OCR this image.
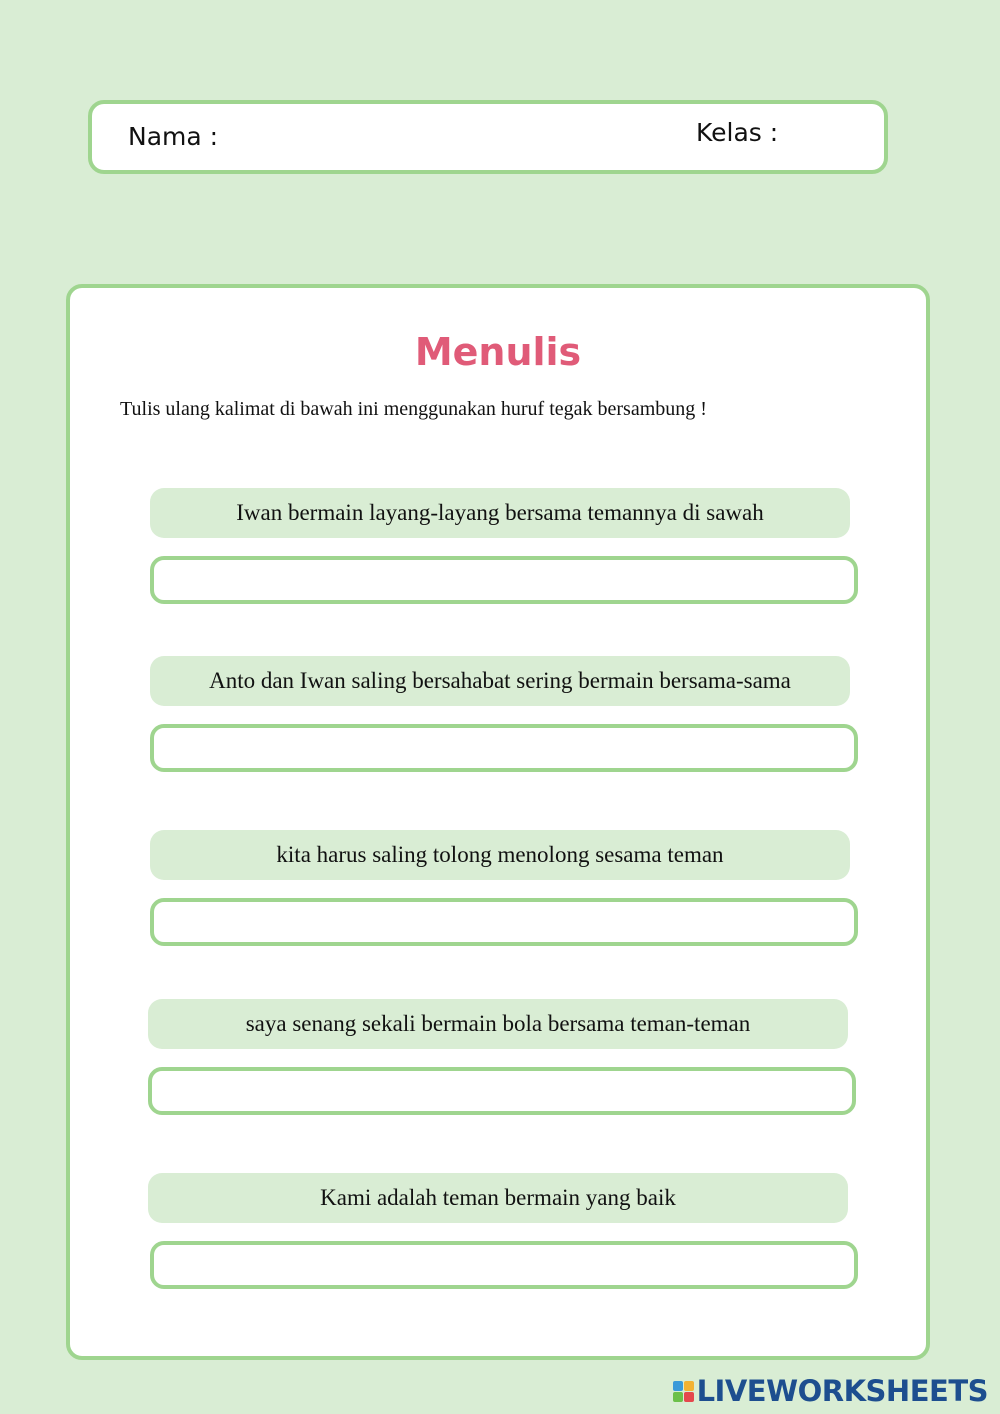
Nama :	Kelas :
Menulis
Tulis ulang kalimat di bawah ini menggunakan huruf tegak bersambung !
Iwan bermain layang-layang bersama temannya di sawah
Anto dan Iwan saling bersahabat sering bermain bersama-sama
kita harus saling tolong menolong sesama teman
saya senang sekali bermain bola bersama teman-teman
Kami adalah teman bermain yang baik
LIVEWORKSHEETS
